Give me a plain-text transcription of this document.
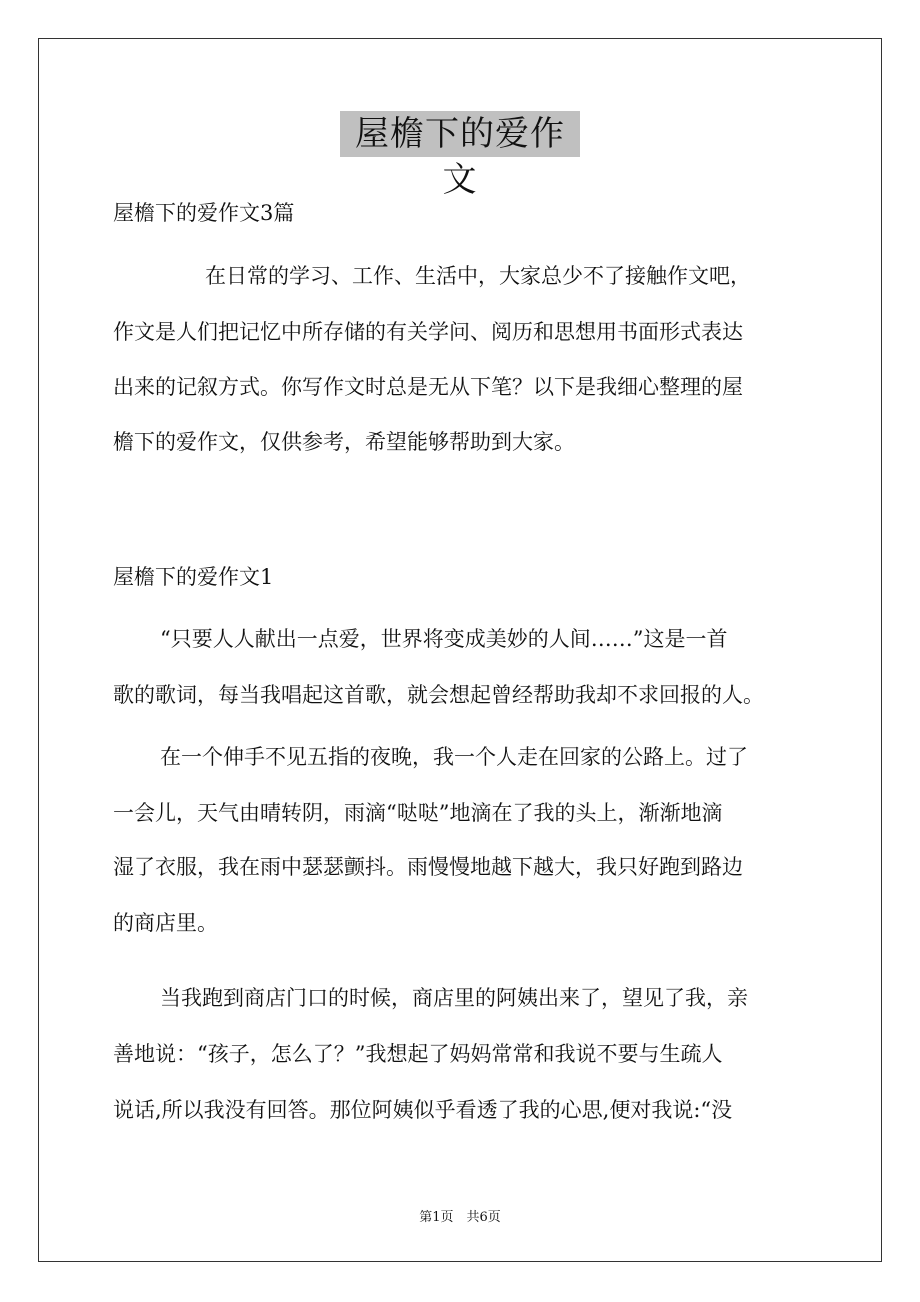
屋檐下的爱作文
屋檐下的爱作文3篇
在日常的学习、工作、生活中，大家总少不了接触作文吧，
作文是人们把记忆中所存储的有关学问、阅历和思想用书面形式表达
出来的记叙方式。你写作文时总是无从下笔？以下是我细心整理的屋
檐下的爱作文，仅供参考，希望能够帮助到大家。
屋檐下的爱作文1
“只要人人献出一点爱，世界将变成美妙的人间……”这是一首
歌的歌词，每当我唱起这首歌，就会想起曾经帮助我却不求回报的人。
在一个伸手不见五指的夜晚，我一个人走在回家的公路上。过了
一会儿，天气由晴转阴，雨滴“哒哒”地滴在了我的头上，渐渐地滴
湿了衣服，我在雨中瑟瑟颤抖。雨慢慢地越下越大，我只好跑到路边
的商店里。
当我跑到商店门口的时候，商店里的阿姨出来了，望见了我，亲
善地说：“孩子，怎么了？”我想起了妈妈常常和我说不要与生疏人
说话,所以我没有回答。那位阿姨似乎看透了我的心思,便对我说:“没
第1页　共6页
